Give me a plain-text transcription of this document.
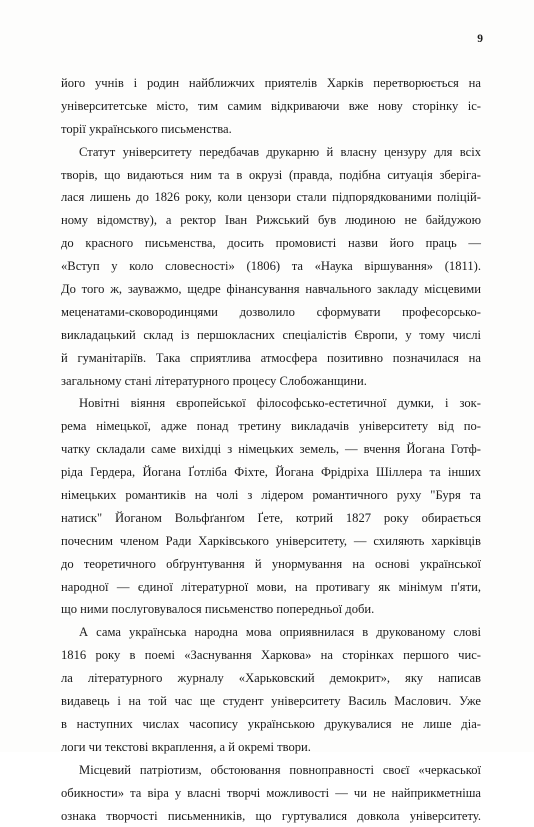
9
його учнів і родин найближчих приятелів Харків перетворюється на
університетське місто, тим самим відкриваючи вже нову сторінку іс-
торії українського письменства.
Статут університету передбачав друкарню й власну цензуру для всіх
творів, що видаються ним та в окрузі (правда, подібна ситуація зберіга-
лася лишень до 1826 року, коли цензори стали підпорядкованими поліцій-
ному відомству), а ректор Іван Рижський був людиною не байдужою
до красного письменства, досить промовисті назви його праць —
«Вступ у коло словесності» (1806) та «Наука віршування» (1811).
До того ж, зауважмо, щедре фінансування навчального закладу місцевими
меценатами-сковородинцями дозволило сформувати професорсько-
викладацький склад із першокласних спеціалістів Європи, у тому числі
й гуманітаріїв. Така сприятлива атмосфера позитивно позначилася на
загальному стані літературного процесу Слобожанщини.
Новітні віяння європейської філософсько-естетичної думки, і зок-
рема німецької, адже понад третину викладачів університету від по-
чатку складали саме вихідці з німецьких земель, — вчення Йогана Готф-
ріда Гердера, Йогана Ґотліба Фіхте, Йогана Фрідріха Шіллера та інших
німецьких романтиків на чолі з лідером романтичного руху "Буря та
натиск" Йоганом Вольфґанґом Ґете, котрий 1827 року обирається
почесним членом Ради Харківського університету, — схиляють харківців
до теоретичного обґрунтування й унормування на основі української
народної — єдиної літературної мови, на противагу як мінімум п'яти,
що ними послуговувалося письменство попередньої доби.
А сама українська народна мова оприявнилася в друкованому слові
1816 року в поемі «Заснування Харкова» на сторінках першого чис-
ла літературного журналу «Харьковский демокрит», яку написав
видавець і на той час ще студент університету Василь Маслович. Уже
в наступних числах часопису українською друкувалися не лише діа-
логи чи текстові вкраплення, а й окремі твори.
Місцевий патріотизм, обстоювання повноправності своєї «черкаської
обикности» та віра у власні творчі можливості — чи не найприкметніша
ознака творчості письменників, що гуртувалися довкола університету.
